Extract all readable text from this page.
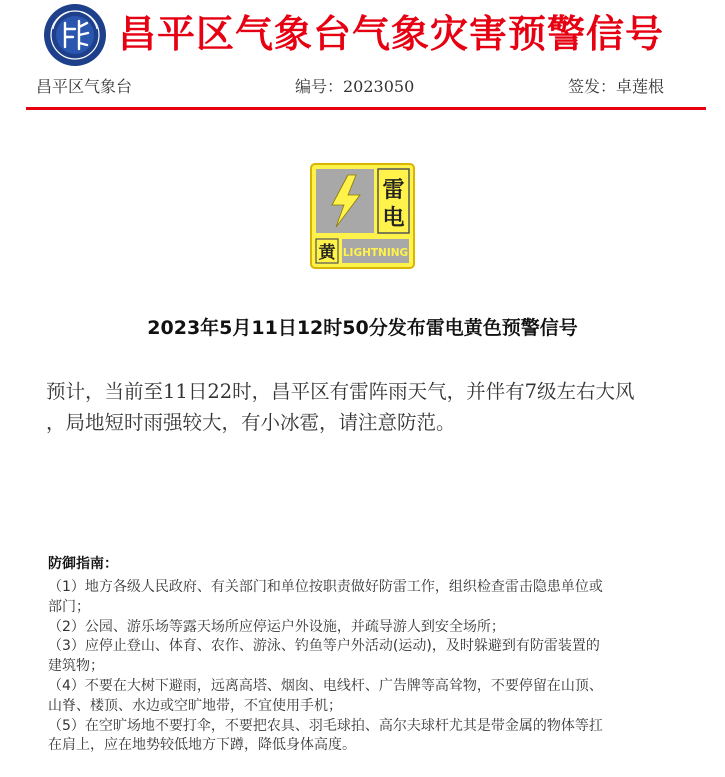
昌平区气象台气象灾害预警信号
昌平区气象台	编号：2023050	签发：卓莲根
雷
电
黄 LIGHTNING
2023年5月11日12时50分发布雷电黄色预警信号
预计，当前至11日22时，昌平区有雷阵雨天气，并伴有7级左右大风
，局地短时雨强较大，有小冰雹，请注意防范。
防御指南：
（1）地方各级人民政府、有关部门和单位按职责做好防雷工作，组织检查雷击隐患单位或
部门；
（2）公园、游乐场等露天场所应停运户外设施，并疏导游人到安全场所；
（3）应停止登山、体育、农作、游泳、钓鱼等户外活动(运动)，及时躲避到有防雷装置的
建筑物；
（4）不要在大树下避雨，远离高塔、烟囱、电线杆、广告牌等高耸物，不要停留在山顶、
山脊、楼顶、水边或空旷地带，不宜使用手机；
（5）在空旷场地不要打伞，不要把农具、羽毛球拍、高尔夫球杆尤其是带金属的物体等扛
在肩上，应在地势较低地方下蹲，降低身体高度。
